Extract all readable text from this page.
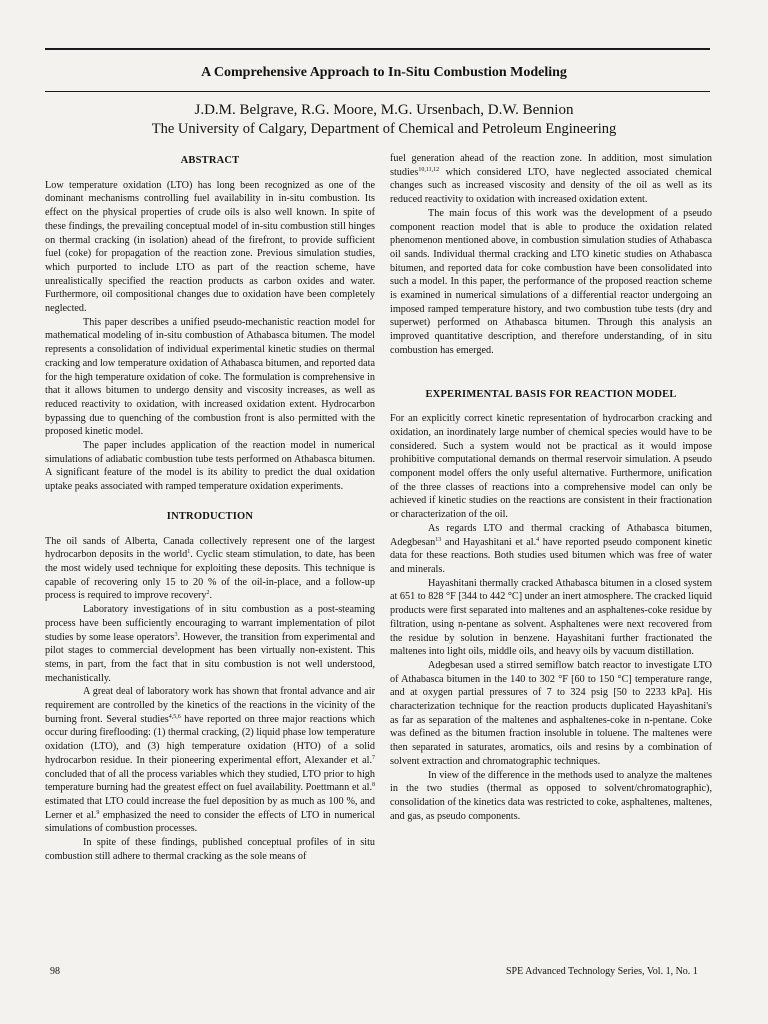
A Comprehensive Approach to In-Situ Combustion Modeling
J.D.M. Belgrave, R.G. Moore, M.G. Ursenbach, D.W. Bennion
The University of Calgary, Department of Chemical and Petroleum Engineering
ABSTRACT

Low temperature oxidation (LTO) has long been recognized as one of the dominant mechanisms controlling fuel availability in in-situ combustion. Its effect on the physical properties of crude oils is also well known. In spite of these findings, the prevailing conceptual model of in-situ combustion still hinges on thermal cracking (in isolation) ahead of the firefront, to provide sufficient fuel (coke) for propagation of the reaction zone. Previous simulation studies, which purported to include LTO as part of the reaction scheme, have unrealistically specified the reaction products as carbon oxides and water. Furthermore, oil compositional changes due to oxidation have been completely neglected.

This paper describes a unified pseudo-mechanistic reaction model for mathematical modeling of in-situ combustion of Athabasca bitumen. The model represents a consolidation of individual experimental kinetic studies on thermal cracking and low temperature oxidation of Athabasca bitumen, and reported data for the high temperature oxidation of coke. The formulation is comprehensive in that it allows bitumen to undergo density and viscosity increases, as well as reduced reactivity to oxidation, with increased oxidation extent. Hydrocarbon bypassing due to quenching of the combustion front is also permitted with the proposed kinetic model.

The paper includes application of the reaction model in numerical simulations of adiabatic combustion tube tests performed on Athabasca bitumen. A significant feature of the model is its ability to predict the dual oxidation uptake peaks associated with ramped temperature oxidation experiments.

INTRODUCTION

The oil sands of Alberta, Canada collectively represent one of the largest hydrocarbon deposits in the world$^1$. Cyclic steam stimulation, to date, has been the most widely used technique for exploiting these deposits. This technique is capable of recovering only 15 to 20 % of the oil-in-place, and a follow-up process is required to improve recovery$^2$.

Laboratory investigations of in situ combustion as a post-steaming process have been sufficiently encouraging to warrant implementation of pilot studies by some lease operators$^3$. However, the transition from experimental and pilot stages to commercial development has been virtually non-existent. This stems, in part, from the fact that in situ combustion is not well understood, mechanistically.

A great deal of laboratory work has shown that frontal advance and air requirement are controlled by the kinetics of the reactions in the vicinity of the burning front. Several studies$^{4,5,6}$ have reported on three major reactions which occur during fireflooding: (1) thermal cracking, (2) liquid phase low temperature oxidation (LTO), and (3) high temperature oxidation (HTO) of a solid hydrocarbon residue. In their pioneering experimental effort, Alexander et al.$^7$ concluded that of all the process variables which they studied, LTO prior to high temperature burning had the greatest effect on fuel availability. Poettmann et al.$^8$ estimated that LTO could increase the fuel deposition by as much as 100 %, and Lerner et al.$^9$ emphasized the need to consider the effects of LTO in numerical simulations of combustion processes.

In spite of these findings, published conceptual profiles of in situ combustion still adhere to thermal cracking as the sole means of

fuel generation ahead of the reaction zone. In addition, most simulation studies$^{10,11,12}$ which considered LTO, have neglected associated chemical changes such as increased viscosity and density of the oil as well as its reduced reactivity to oxidation with increased oxidation extent.

The main focus of this work was the development of a pseudo component reaction model that is able to produce the oxidation related phenomenon mentioned above, in combustion simulation studies of Athabasca oil sands. Individual thermal cracking and LTO kinetic studies on Athabasca bitumen, and reported data for coke combustion have been consolidated into such a model. In this paper, the performance of the proposed reaction scheme is examined in numerical simulations of a differential reactor undergoing an imposed ramped temperature history, and two combustion tube tests (dry and superwet) performed on Athabasca bitumen. Through this analysis an improved quantitative description, and therefore understanding, of in situ combustion has emerged.

EXPERIMENTAL BASIS FOR REACTION MODEL

For an explicitly correct kinetic representation of hydrocarbon cracking and oxidation, an inordinately large number of chemical species would have to be considered. Such a system would not be practical as it would impose prohibitive computational demands on thermal reservoir simulation. A pseudo component model offers the only useful alternative. Furthermore, unification of the three classes of reactions into a comprehensive model can only be achieved if kinetic studies on the reactions are consistent in their fractionation or characterization of the oil.

As regards LTO and thermal cracking of Athabasca bitumen, Adegbesan$^{13}$ and Hayashitani et al.$^4$ have reported pseudo component kinetic data for these reactions. Both studies used bitumen which was free of water and minerals.

Hayashitani thermally cracked Athabasca bitumen in a closed system at 651 to 828 °F [344 to 442 °C] under an inert atmosphere. The cracked liquid products were first separated into maltenes and an asphaltenes-coke residue by filtration, using n-pentane as solvent. Asphaltenes were next recovered from the residue by solution in benzene. Hayashitani further fractionated the maltenes into light oils, middle oils, and heavy oils by vacuum distillation.

Adegbesan used a stirred semiflow batch reactor to investigate LTO of Athabasca bitumen in the 140 to 302 °F [60 to 150 °C] temperature range, and at oxygen partial pressures of 7 to 324 psig [50 to 2233 kPa]. His characterization technique for the reaction products duplicated Hayashitani's as far as separation of the maltenes and asphaltenes-coke in n-pentane. Coke was defined as the bitumen fraction insoluble in toluene. The maltenes were then separated in saturates, aromatics, oils and resins by a combination of solvent extraction and chromatographic techniques.

In view of the difference in the methods used to analyze the maltenes in the two studies (thermal as opposed to solvent/chromatographic), consolidation of the kinetics data was restricted to coke, asphaltenes, maltenes, and gas, as pseudo components.

98	SPE Advanced Technology Series, Vol. 1, No. 1
